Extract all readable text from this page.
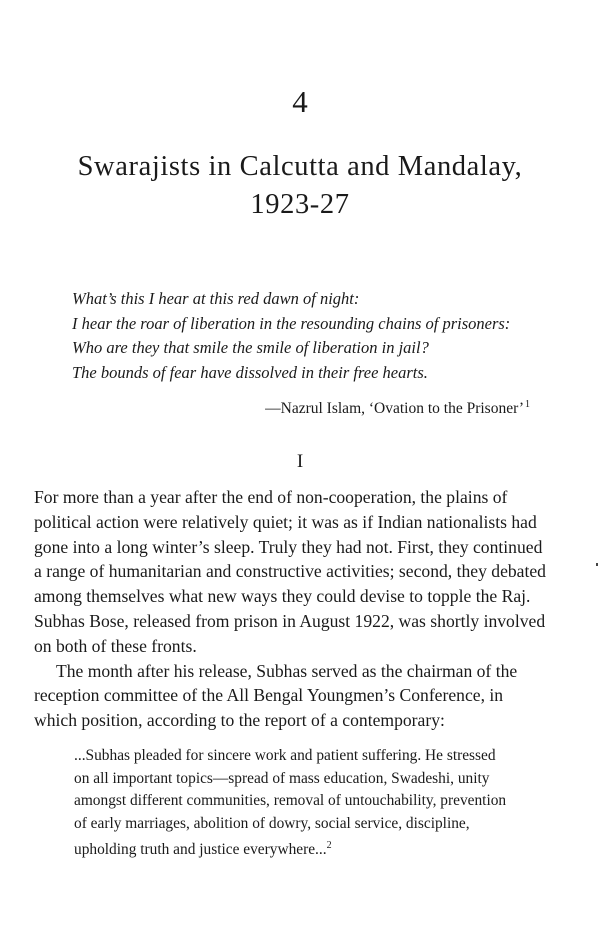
4
Swarajists in Calcutta and Mandalay,
1923-27
What’s this I hear at this red dawn of night:
I hear the roar of liberation in the resounding chains of prisoners:
Who are they that smile the smile of liberation in jail?
The bounds of fear have dissolved in their free hearts.
—Nazrul Islam, ‘Ovation to the Prisoner’$^1$
I
For more than a year after the end of non-cooperation, the plains of
political action were relatively quiet; it was as if Indian nationalists had
gone into a long winter’s sleep. Truly they had not. First, they continued
a range of humanitarian and constructive activities; second, they debated
among themselves what new ways they could devise to topple the Raj.
Subhas Bose, released from prison in August 1922, was shortly involved
on both of these fronts.
The month after his release, Subhas served as the chairman of the
reception committee of the All Bengal Youngmen’s Conference, in
which position, according to the report of a contemporary:
...Subhas pleaded for sincere work and patient suffering. He stressed
on all important topics—spread of mass education, Swadeshi, unity
amongst different communities, removal of untouchability, prevention
of early marriages, abolition of dowry, social service, discipline,
upholding truth and justice everywhere...$^2$
